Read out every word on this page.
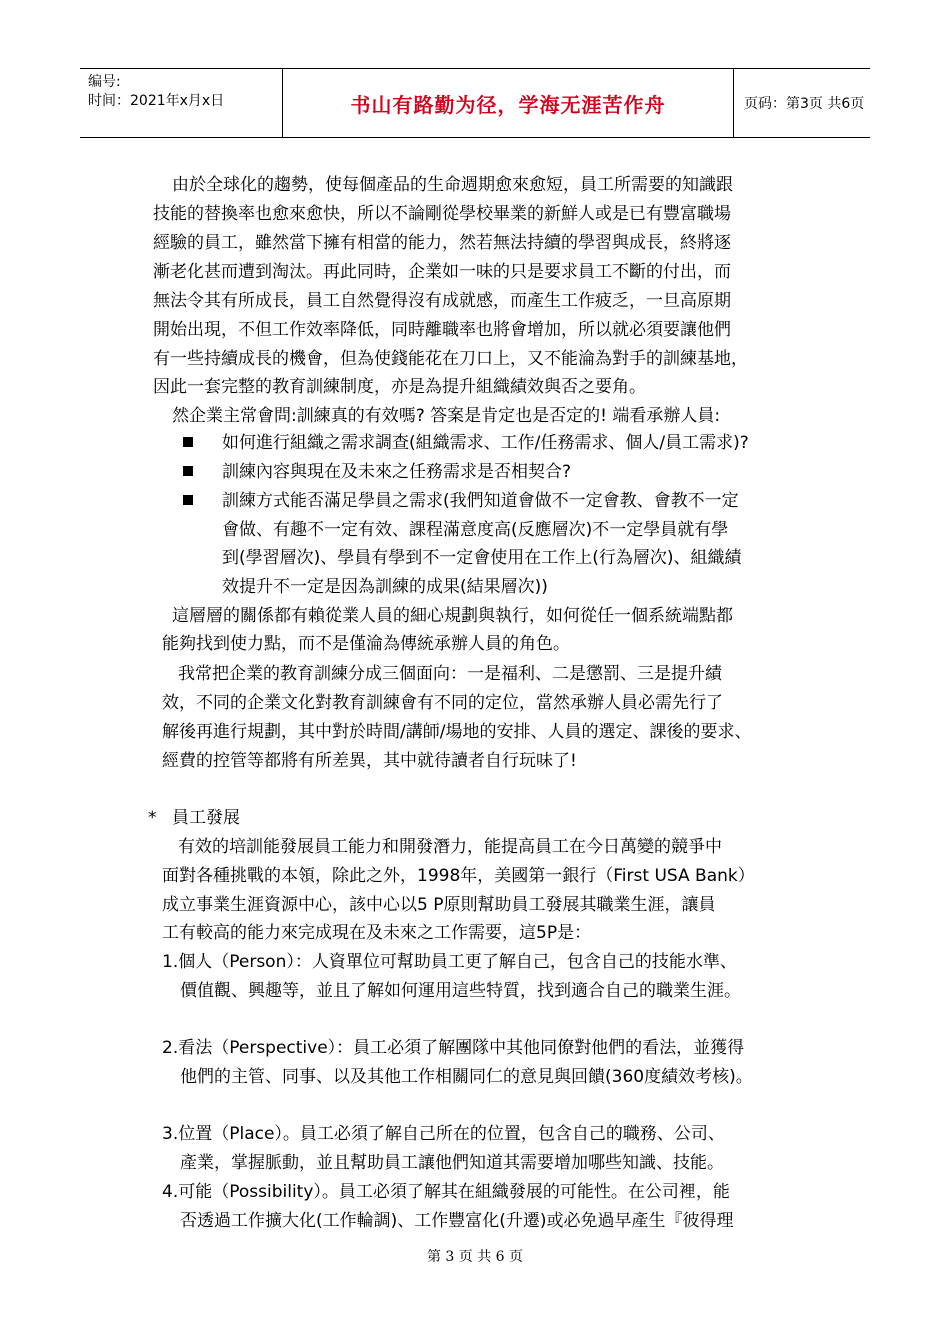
编号:
时间：2021年x月x日	书山有路勤为径，学海无涯苦作舟	页码：第3页 共6页
由於全球化的趨勢，使每個產品的生命週期愈來愈短，員工所需要的知識跟
技能的替換率也愈來愈快，所以不論剛從學校畢業的新鮮人或是已有豐富職場
經驗的員工，雖然當下擁有相當的能力，然若無法持續的學習與成長，終將逐
漸老化甚而遭到淘汰。再此同時，企業如一味的只是要求員工不斷的付出，而
無法令其有所成長，員工自然覺得沒有成就感，而產生工作疲乏，一旦高原期
開始出現，不但工作效率降低，同時離職率也將會增加，所以就必須要讓他們
有一些持續成長的機會，但為使錢能花在刀口上，又不能淪為對手的訓練基地，
因此一套完整的教育訓練制度，亦是為提升組織績效與否之要角。
然企業主常會問:訓練真的有效嗎? 答案是肯定也是否定的! 端看承辦人員:
如何進行組織之需求調查(組織需求、工作/任務需求、個人/員工需求)?
訓練內容與現在及未來之任務需求是否相契合?
訓練方式能否滿足學員之需求(我們知道會做不一定會教、會教不一定
會做、有趣不一定有效、課程滿意度高(反應層次)不一定學員就有學
到(學習層次)、學員有學到不一定會使用在工作上(行為層次)、組織績
效提升不一定是因為訓練的成果(結果層次))
這層層的關係都有賴從業人員的細心規劃與執行，如何從任一個系統端點都
能夠找到使力點，而不是僅淪為傳統承辦人員的角色。
我常把企業的教育訓練分成三個面向：一是福利、二是懲罰、三是提升績
效，不同的企業文化對教育訓練會有不同的定位，當然承辦人員必需先行了
解後再進行規劃，其中對於時間/講師/場地的安排、人員的選定、課後的要求、
經費的控管等都將有所差異，其中就待讀者自行玩味了!
* 員工發展
有效的培訓能發展員工能力和開發潛力，能提高員工在今日萬變的競爭中
面對各種挑戰的本領，除此之外，1998年，美國第一銀行（First USA Bank）
成立事業生涯資源中心，該中心以5 P原則幫助員工發展其職業生涯，讓員
工有較高的能力來完成現在及未來之工作需要，這5P是：
1.個人（Person）：人資單位可幫助員工更了解自己，包含自己的技能水準、
價值觀、興趣等，並且了解如何運用這些特質，找到適合自己的職業生涯。
2.看法（Perspective）：員工必須了解團隊中其他同僚對他們的看法，並獲得
他們的主管、同事、以及其他工作相關同仁的意見與回饋(360度績效考核)。
3.位置（Place）。員工必須了解自己所在的位置，包含自己的職務、公司、
產業，掌握脈動，並且幫助員工讓他們知道其需要增加哪些知識、技能。
4.可能（Possibility）。員工必須了解其在組織發展的可能性。在公司裡，能
否透過工作擴大化(工作輪調)、工作豐富化(升遷)或必免過早產生『彼得理
第 3 页 共 6 页
